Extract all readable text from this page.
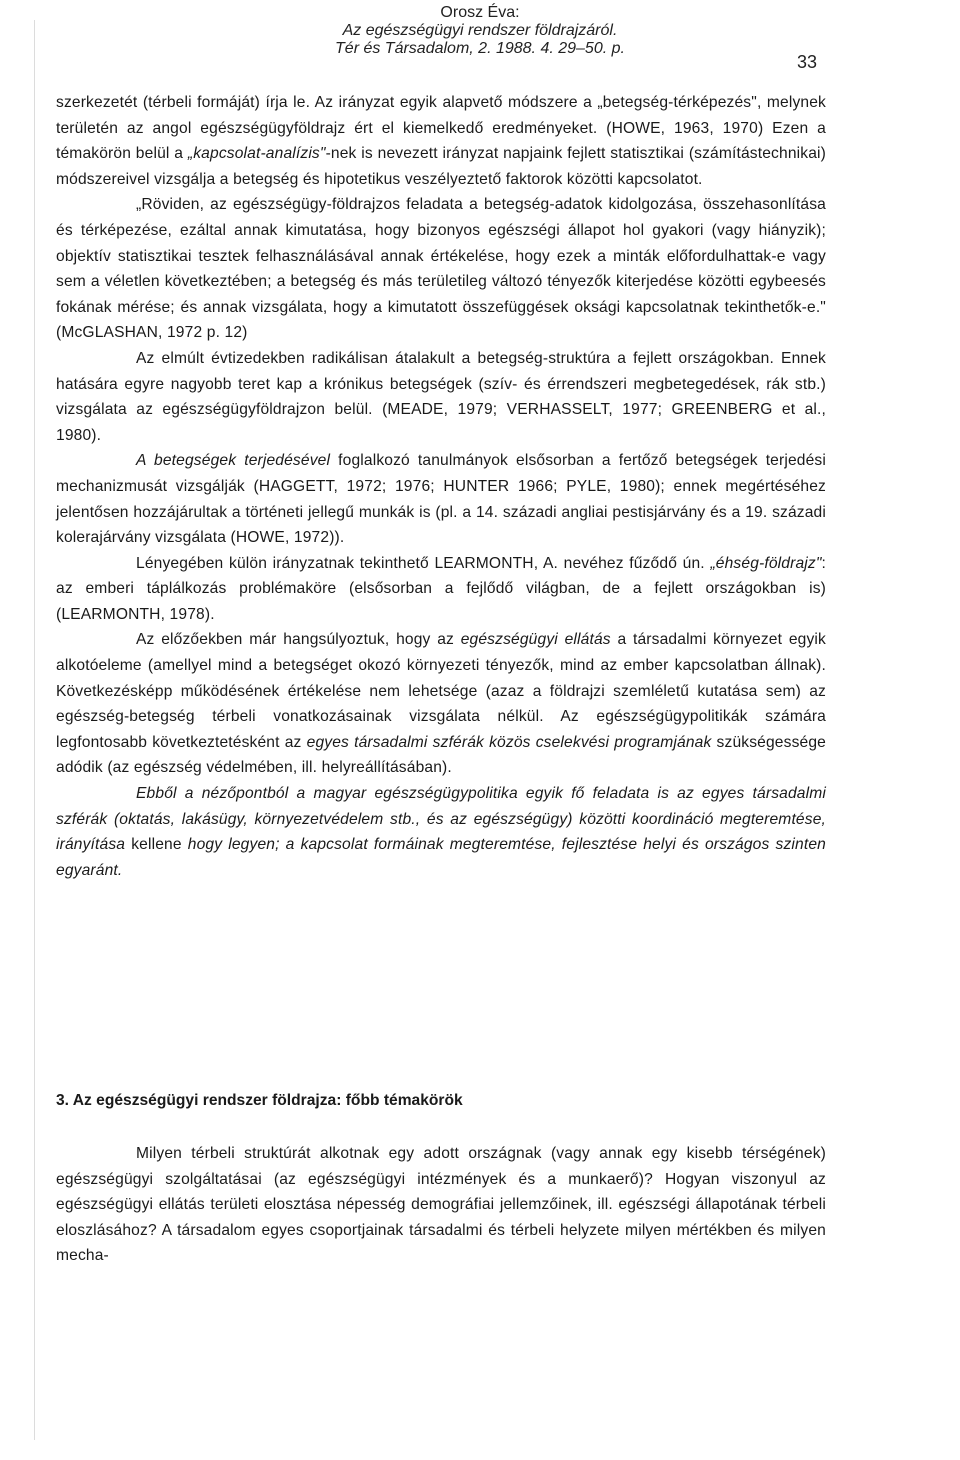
Orosz Éva:
Az egészségügyi rendszer földrajzáról.
Tér és Társadalom, 2. 1988. 4. 29–50. p.
33

szerkezetét (térbeli formáját) írja le. Az irányzat egyik alapvető módszere a „betegség-térképezés", melynek területén az angol egészségügyföldrajz ért el kiemelkedő eredményeket. (HOWE, 1963, 1970) Ezen a témakörön belül a „kapcsolat-analízis"-nek is nevezett irányzat napjaink fejlett statisztikai (számítástechnikai) módszereivel vizsgálja a betegség és hipotetikus veszélyeztető faktorok közötti kapcsolatot.

„Röviden, az egészségügy-földrajzos feladata a betegség-adatok kidolgozása, összehasonlítása és térképezése, ezáltal annak kimutatása, hogy bizonyos egészségi állapot hol gyakori (vagy hiányzik); objektív statisztikai tesztek felhasználásával annak értékelése, hogy ezek a minták előfordulhattak-e vagy sem a véletlen következtében; a betegség és más területileg változó tényezők kiterjedése közötti egybeesés fokának mérése; és annak vizsgálata, hogy a kimutatott összefüggések oksági kapcsolatnak tekinthetők-e." (McGLASHAN, 1972 p. 12)

Az elmúlt évtizedekben radikálisan átalakult a betegség-struktúra a fejlett országokban. Ennek hatására egyre nagyobb teret kap a krónikus betegségek (szív- és érrendszeri megbetegedések, rák stb.) vizsgálata az egészségügyföldrajzon belül. (MEADE, 1979; VERHASSELT, 1977; GREENBERG et al., 1980).

A betegségek terjedésével foglalkozó tanulmányok elsősorban a fertőző betegségek terjedési mechanizmusát vizsgálják (HAGGETT, 1972; 1976; HUNTER 1966; PYLE, 1980); ennek megértéséhez jelentősen hozzájárultak a történeti jellegű munkák is (pl. a 14. századi angliai pestisjárvány és a 19. századi kolerajárvány vizsgálata (HOWE, 1972)).

Lényegében külön irányzatnak tekinthető LEARMONTH, A. nevéhez fűződő ún. „éhség-földrajz": az emberi táplálkozás problémaköre (elsősorban a fejlődő világban, de a fejlett országokban is) (LEARMONTH, 1978).

Az előzőekben már hangsúlyoztuk, hogy az egészségügyi ellátás a társadalmi környezet egyik alkotóeleme (amellyel mind a betegséget okozó környezeti tényezők, mind az ember kapcsolatban állnak). Következésképp működésének értékelése nem lehetsége (azaz a földrajzi szemléletű kutatása sem) az egészség-betegség térbeli vonatkozásainak vizsgálata nélkül. Az egészségügypolitikák számára legfontosabb következtetésként az egyes társadalmi szférák közös cselekvési programjának szükségessége adódik (az egészség védelmében, ill. helyreállításában).

Ebből a nézőpontból a magyar egészségügypolitika egyik fő feladata is az egyes társadalmi szférák (oktatás, lakásügy, környezetvédelem stb., és az egészségügy) közötti koordináció megteremtése, irányítása kellene hogy legyen; a kapcsolat formáinak megteremtése, fejlesztése helyi és országos szinten egyaránt.

3. Az egészségügyi rendszer földrajza: főbb témakörök

Milyen térbeli struktúrát alkotnak egy adott országnak (vagy annak egy kisebb térségének) egészségügyi szolgáltatásai (az egészségügyi intézmények és a munkaerő)? Hogyan viszonyul az egészségügyi ellátás területi elosztása népesség demográfiai jellemzőinek, ill. egészségi állapotának térbeli eloszlásához? A társadalom egyes csoportjainak társadalmi és térbeli helyzete milyen mértékben és milyen mecha-
